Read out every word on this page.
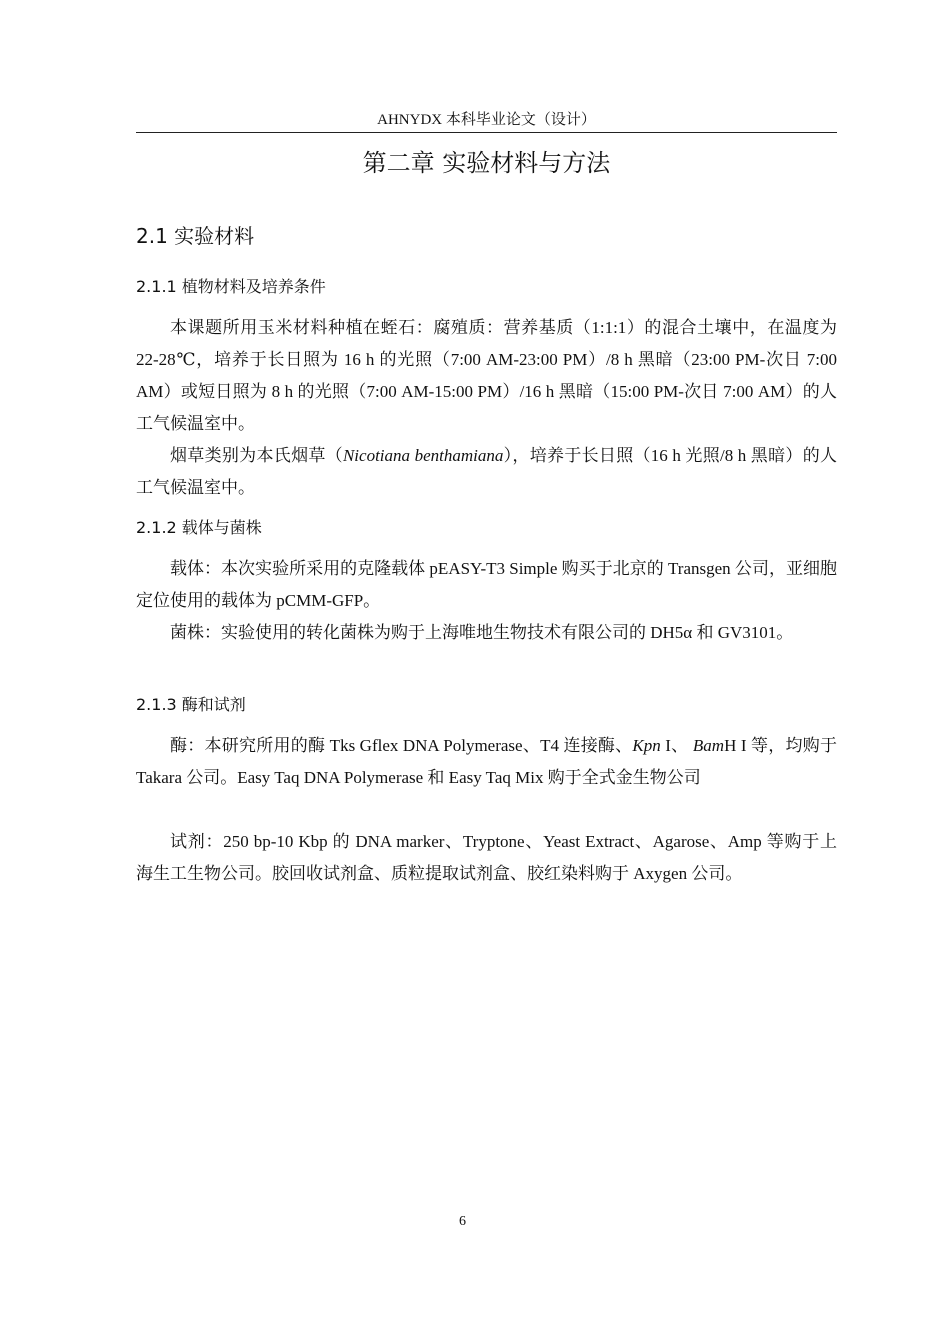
AHNYDX 本科毕业论文（设计）
第二章 实验材料与方法
2.1 实验材料
2.1.1 植物材料及培养条件
本课题所用玉米材料种植在蛭石：腐殖质：营养基质（1:1:1）的混合土壤中，在温度为 22-28℃，培养于长日照为 16 h 的光照（7:00 AM-23:00 PM）/8 h 黑暗（23:00 PM-次日 7:00 AM）或短日照为 8 h 的光照（7:00 AM-15:00 PM）/16 h 黑暗（15:00 PM-次日 7:00 AM）的人工气候温室中。
烟草类别为本氏烟草（Nicotiana benthamiana），培养于长日照（16 h 光照/8 h 黑暗）的人工气候温室中。
2.1.2 载体与菌株
载体：本次实验所采用的克隆载体 pEASY-T3 Simple 购买于北京的 Transgen 公司，亚细胞定位使用的载体为 pCMM-GFP。
菌株：实验使用的转化菌株为购于上海唯地生物技术有限公司的 DH5α 和 GV3101。
2.1.3 酶和试剂
酶：本研究所用的酶 Tks Gflex DNA Polymerase、T4 连接酶、Kpn I、 BamH I 等，均购于 Takara 公司。Easy Taq DNA Polymerase 和 Easy Taq Mix 购于全式金生物公司
试剂：250 bp-10 Kbp 的 DNA marker、Tryptone、Yeast Extract、Agarose、Amp 等购于上海生工生物公司。胶回收试剂盒、质粒提取试剂盒、胶红染料购于 Axygen 公司。
6
